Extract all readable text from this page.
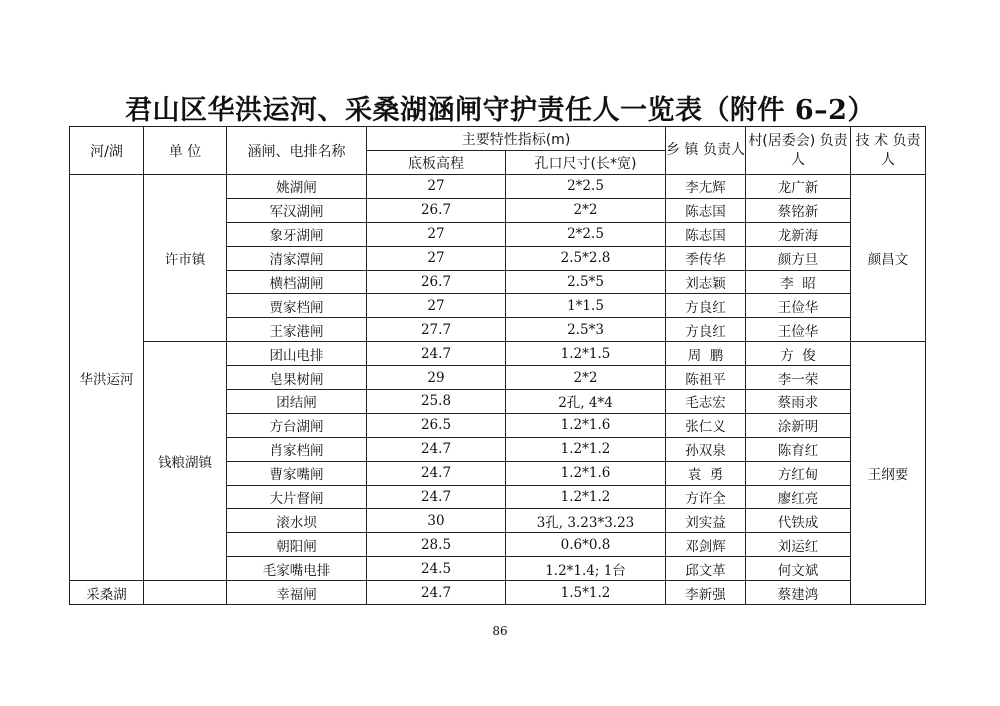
君山区华洪运河、采桑湖涵闸守护责任人一览表（附件 6–2）
河/湖	单 位	涵闸、电排名称	主要特性指标(m)		乡 镇 负责人	村(居委会) 负责人	技 术 负责人
			底板高程	孔口尺寸(长*宽)			
华洪运河	许市镇	姚湖闸	27	2*2.5	李尢辉	龙广新	颜昌文
		军汉湖闸	26.7	2*2	陈志国	蔡铭新	
		象牙湖闸	27	2*2.5	陈志国	龙新海	
		清家潭闸	27	2.5*2.8	季传华	颜方旦	
		横档湖闸	26.7	2.5*5	刘志颖	李  昭	
		贾家档闸	27	1*1.5	方良红	王俭华	
		王家港闸	27.7	2.5*3	方良红	王俭华	
	钱粮湖镇	团山电排	24.7	1.2*1.5	周  鹏	方  俊	王纲要
		皂果树闸	29	2*2	陈祖平	李一荣	
		团结闸	25.8	2孔, 4*4	毛志宏	蔡雨求	
		方台湖闸	26.5	1.2*1.6	张仁义	涂新明	
		肖家档闸	24.7	1.2*1.2	孙双泉	陈育红	
		曹家嘴闸	24.7	1.2*1.6	袁  勇	方红甸	
		大片督闸	24.7	1.2*1.2	方许全	廖红亮	
		滚水坝	30	3孔, 3.23*3.23	刘实益	代铁成	
		朝阳闸	28.5	0.6*0.8	邓剑辉	刘运红	
		毛家嘴电排	24.5	1.2*1.4; 1台	邱文革	何文斌	
采桑湖		幸福闸	24.7	1.5*1.2	李新强	蔡建鸿	
86
